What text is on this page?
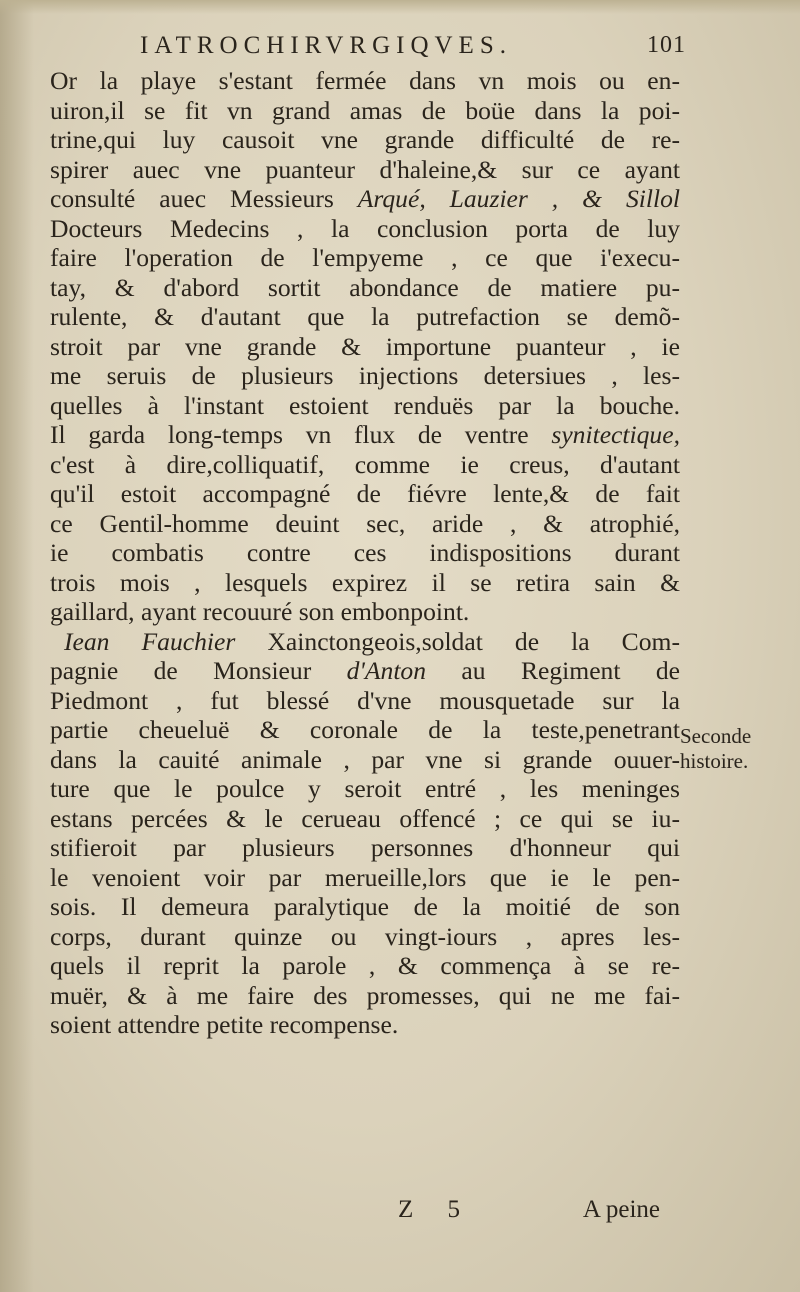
IATROCHIRVRGIQVES.	101
Or la playe s'estant fermée dans vn mois ou en-
uiron,il se fit vn grand amas de boüe dans la poi-
trine,qui luy causoit vne grande difficulté de re-
spirer auec vne puanteur d'haleine,& sur ce ayant
consulté auec Messieurs Arqué, Lauzier , & Sillol
Docteurs Medecins , la conclusion porta de luy
faire l'operation de l'empyeme , ce que i'execu-
tay, & d'abord sortit abondance de matiere pu-
rulente, & d'autant que la putrefaction se demõ-
stroit par vne grande & importune puanteur , ie
me seruis de plusieurs injections detersiues , les-
quelles à l'instant estoient renduës par la bouche.
Il garda long-temps vn flux de ventre synitectique,
c'est à dire,colliquatif, comme ie creus, d'autant
qu'il estoit accompagné de fiévre lente,& de fait
ce Gentil-homme deuint sec, aride , & atrophié,
ie combatis contre ces indispositions durant
trois mois , lesquels expirez il se retira sain &
gaillard, ayant recouuré son embonpoint.
Iean Fauchier Xainctongeois,soldat de la Com-
pagnie de Monsieur d'Anton au Regiment de
Piedmont , fut blessé d'vne mousquetade sur la
partie cheueluë & coronale de la teste,penetrant
dans la cauité animale , par vne si grande ouuer-
ture que le poulce y seroit entré , les meninges
estans percées & le cerueau offencé ; ce qui se iu-
stifieroit par plusieurs personnes d'honneur qui
le venoient voir par merueille,lors que ie le pen-
sois. Il demeura paralytique de la moitié de son
corps, durant quinze ou vingt-iours , apres les-
quels il reprit la parole , & commença à se re-
muër, & à me faire des promesses, qui ne me fai-
soient attendre petite recompense.
Seconde
histoire.
Z 5	A peine
